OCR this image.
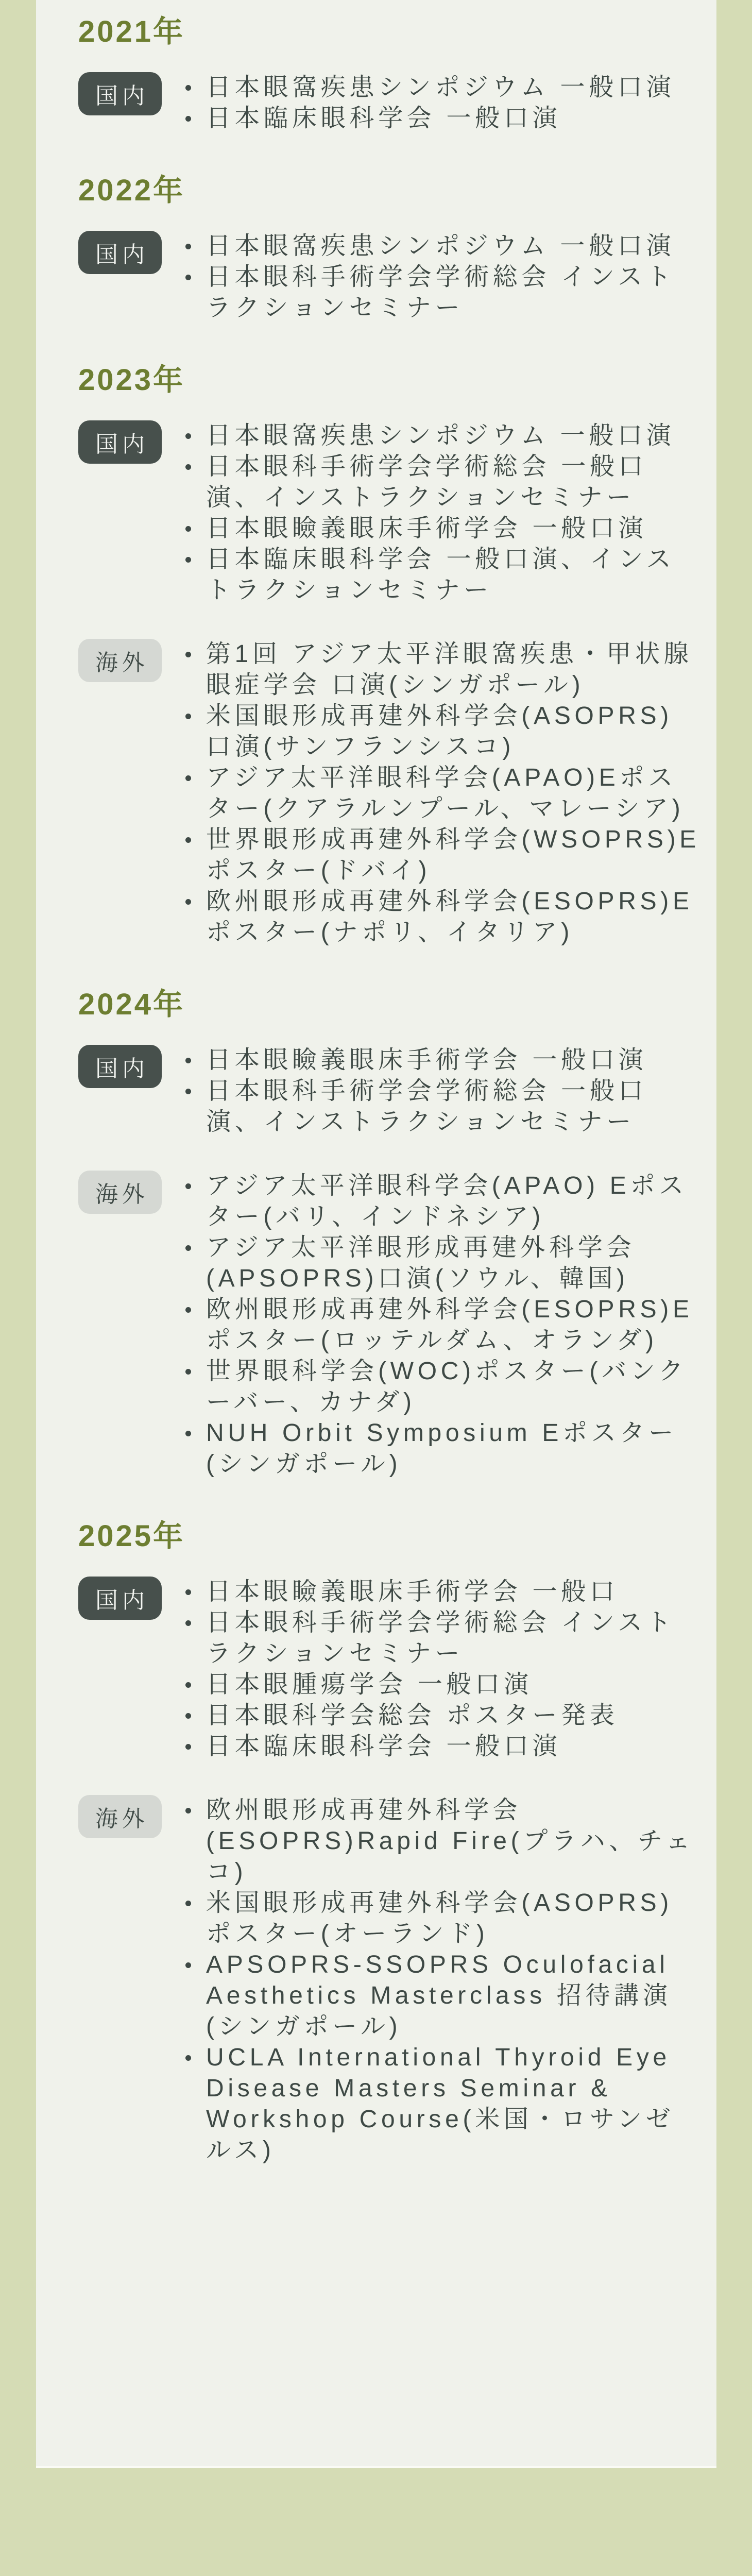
2021年
国内	日本眼窩疾患シンポジウム 一般口演
日本臨床眼科学会 一般口演
2022年
国内	日本眼窩疾患シンポジウム 一般口演
日本眼科手術学会学術総会 インストラクションセミナー
2023年
国内	日本眼窩疾患シンポジウム 一般口演
日本眼科手術学会学術総会 一般口演、インストラクションセミナー
日本眼瞼義眼床手術学会 一般口演
日本臨床眼科学会 一般口演、インストラクションセミナー
海外	第1回 アジア太平洋眼窩疾患・甲状腺眼症学会 口演(シンガポール)
米国眼形成再建外科学会(ASOPRS)口演(サンフランシスコ)
アジア太平洋眼科学会(APAO)Eポスター(クアラルンプール、マレーシア)
世界眼形成再建外科学会(WSOPRS)Eポスター(ドバイ)
欧州眼形成再建外科学会(ESOPRS)Eポスター(ナポリ、イタリア)
2024年
国内	日本眼瞼義眼床手術学会 一般口演
日本眼科手術学会学術総会 一般口演、インストラクションセミナー
海外	アジア太平洋眼科学会(APAO) Eポスター(バリ、インドネシア)
アジア太平洋眼形成再建外科学会(APSOPRS)口演(ソウル、韓国)
欧州眼形成再建外科学会(ESOPRS)Eポスター(ロッテルダム、オランダ)
世界眼科学会(WOC)ポスター(バンクーバー、カナダ)
NUH Orbit Symposium Eポスター(シンガポール)
2025年
国内	日本眼瞼義眼床手術学会 一般口
日本眼科手術学会学術総会 インストラクションセミナー
日本眼腫瘍学会 一般口演
日本眼科学会総会 ポスター発表
日本臨床眼科学会 一般口演
海外	欧州眼形成再建外科学会(ESOPRS)Rapid Fire(プラハ、チェコ)
米国眼形成再建外科学会(ASOPRS)ポスター(オーランド)
APSOPRS-SSOPRS Oculofacial Aesthetics Masterclass 招待講演(シンガポール)
UCLA International Thyroid Eye Disease Masters Seminar & Workshop Course(米国・ロサンゼルス)
